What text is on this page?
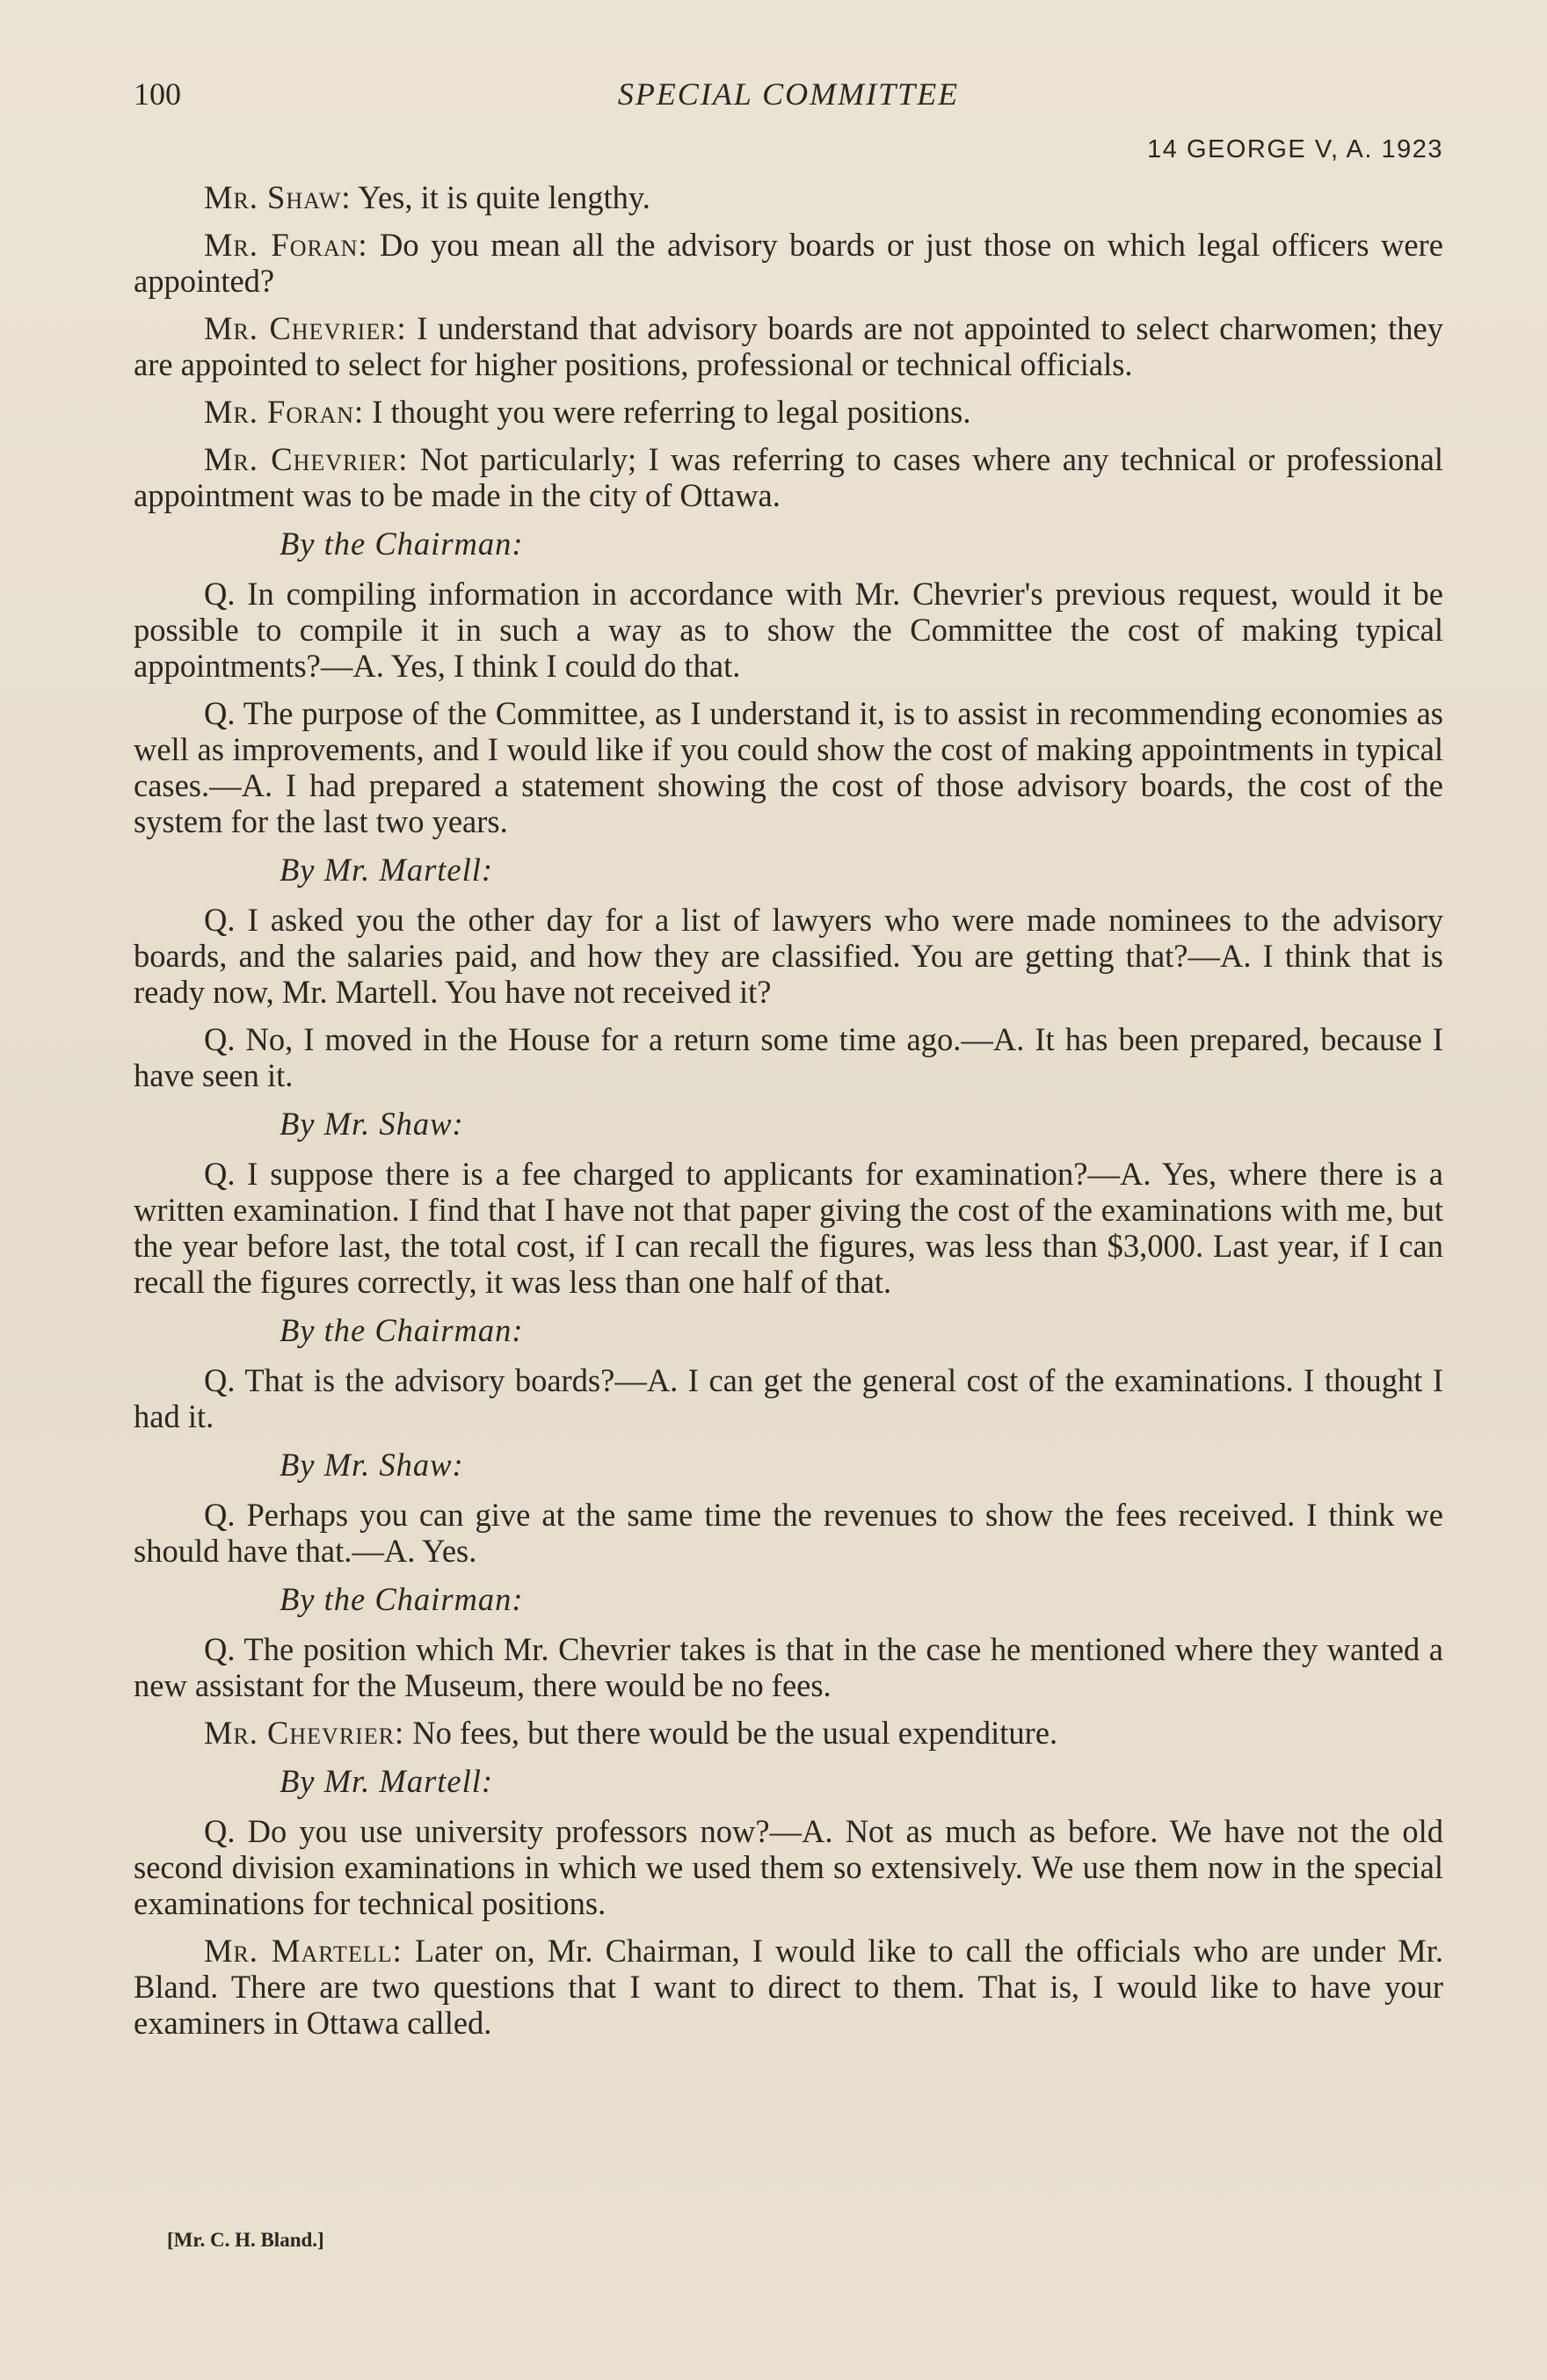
100	SPECIAL COMMITTEE
14 GEORGE V, A. 1923

Mr. Shaw: Yes, it is quite lengthy.

Mr. Foran: Do you mean all the advisory boards or just those on which legal officers were appointed?

Mr. Chevrier: I understand that advisory boards are not appointed to select charwomen; they are appointed to select for higher positions, professional or technical officials.

Mr. Foran: I thought you were referring to legal positions.

Mr. Chevrier: Not particularly; I was referring to cases where any technical or professional appointment was to be made in the city of Ottawa.

By the Chairman:

Q. In compiling information in accordance with Mr. Chevrier's previous request, would it be possible to compile it in such a way as to show the Committee the cost of making typical appointments?—A. Yes, I think I could do that.

Q. The purpose of the Committee, as I understand it, is to assist in recommending economies as well as improvements, and I would like if you could show the cost of making appointments in typical cases.—A. I had prepared a statement showing the cost of those advisory boards, the cost of the system for the last two years.

By Mr. Martell:

Q. I asked you the other day for a list of lawyers who were made nominees to the advisory boards, and the salaries paid, and how they are classified. You are getting that?—A. I think that is ready now, Mr. Martell. You have not received it?

Q. No, I moved in the House for a return some time ago.—A. It has been prepared, because I have seen it.

By Mr. Shaw:

Q. I suppose there is a fee charged to applicants for examination?—A. Yes, where there is a written examination. I find that I have not that paper giving the cost of the examinations with me, but the year before last, the total cost, if I can recall the figures, was less than $3,000. Last year, if I can recall the figures correctly, it was less than one half of that.

By the Chairman:

Q. That is the advisory boards?—A. I can get the general cost of the examinations. I thought I had it.

By Mr. Shaw:

Q. Perhaps you can give at the same time the revenues to show the fees received. I think we should have that.—A. Yes.

By the Chairman:

Q. The position which Mr. Chevrier takes is that in the case he mentioned where they wanted a new assistant for the Museum, there would be no fees.

Mr. Chevrier: No fees, but there would be the usual expenditure.

By Mr. Martell:

Q. Do you use university professors now?—A. Not as much as before. We have not the old second division examinations in which we used them so extensively. We use them now in the special examinations for technical positions.

Mr. Martell: Later on, Mr. Chairman, I would like to call the officials who are under Mr. Bland. There are two questions that I want to direct to them. That is, I would like to have your examiners in Ottawa called.

[Mr. C. H. Bland.]
